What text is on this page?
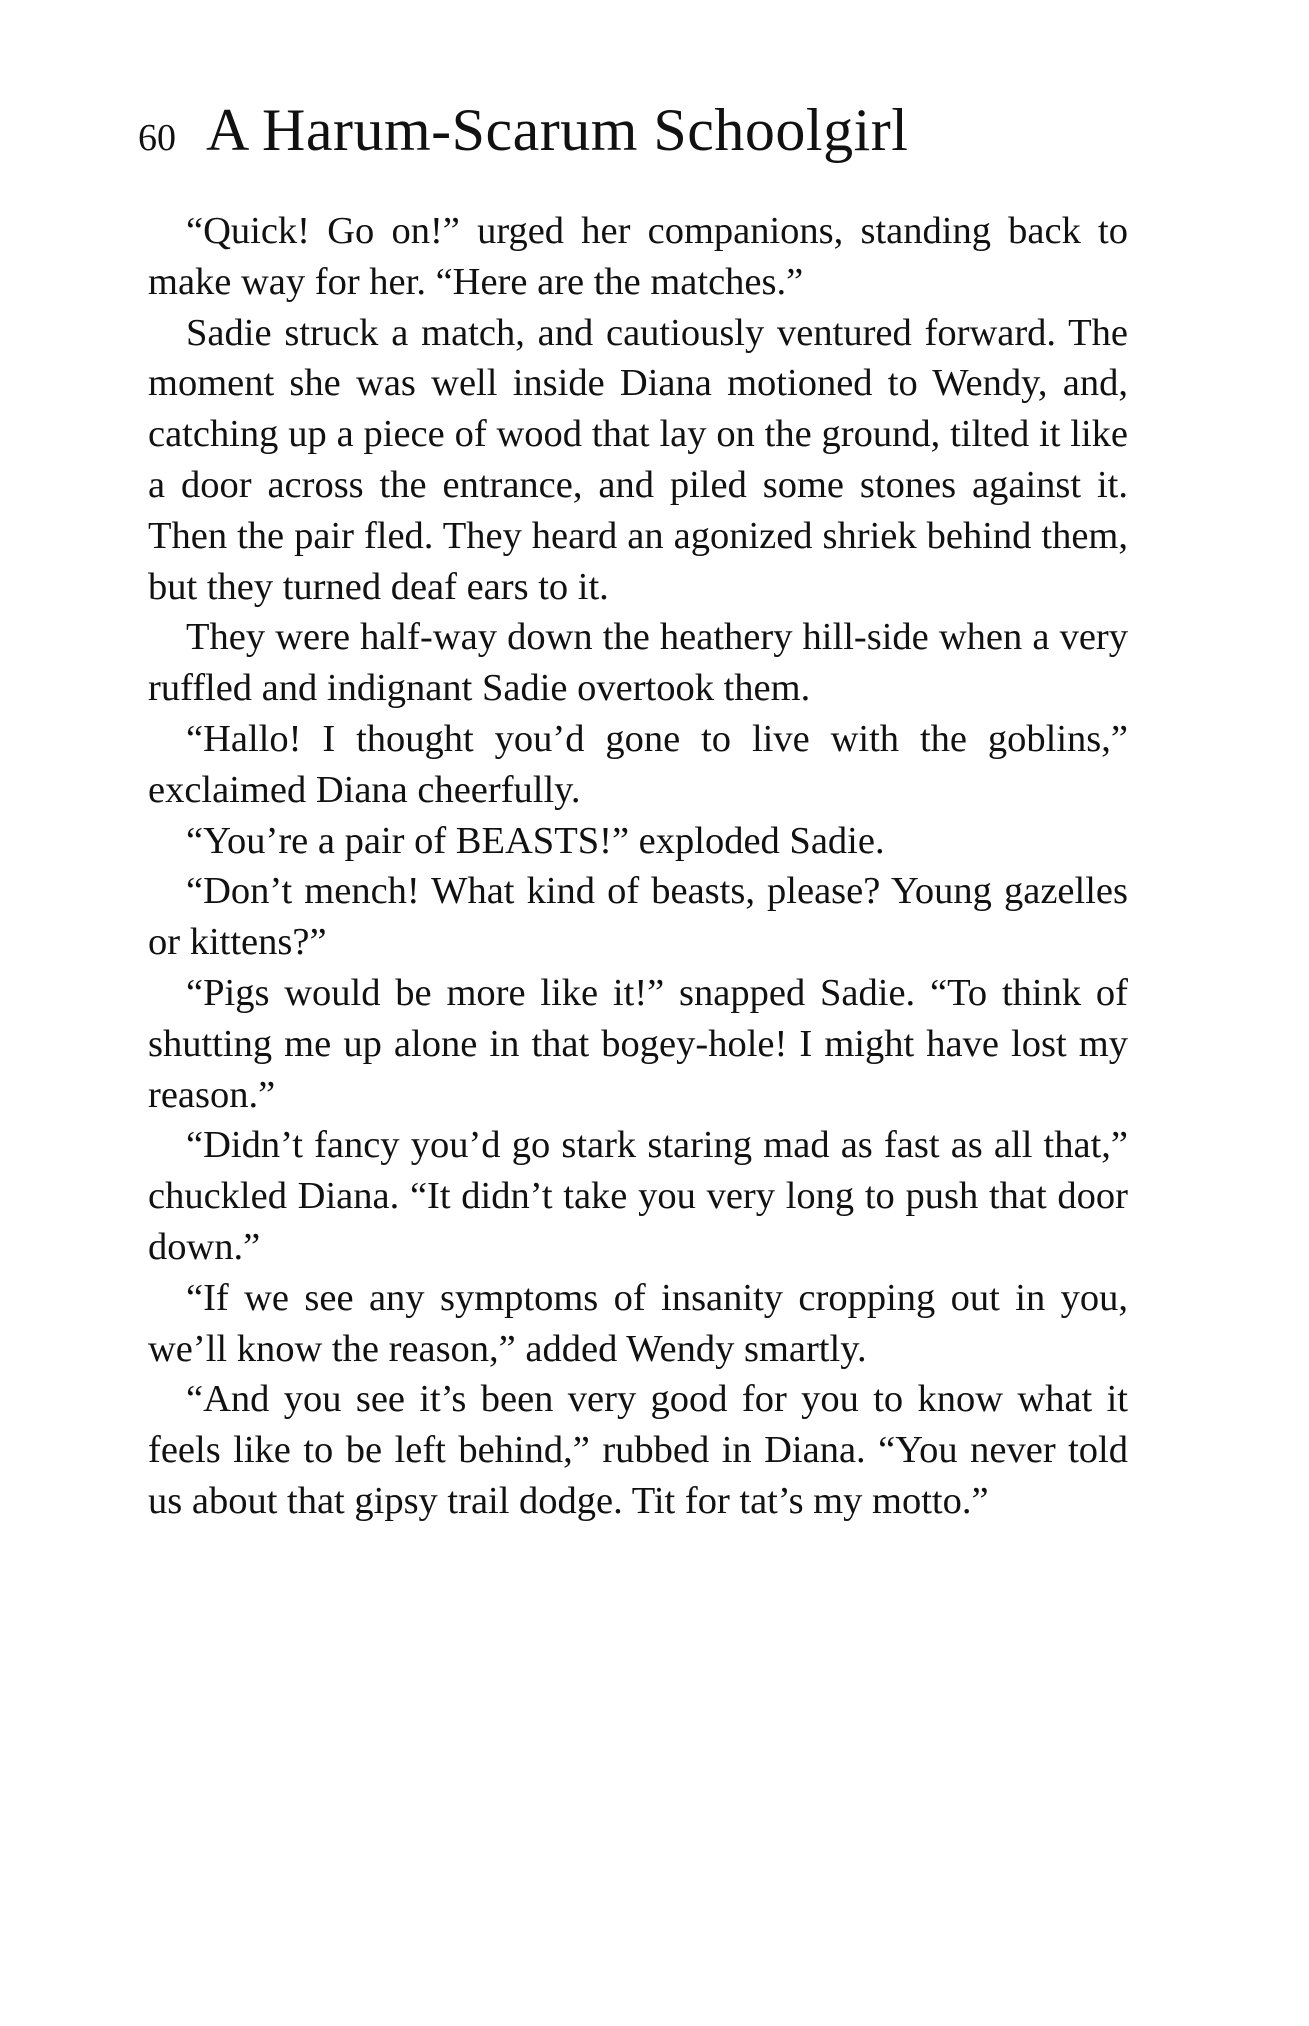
60 A Harum-Scarum Schoolgirl

“Quick! Go on!” urged her companions, standing back to make way for her. “Here are the matches.”

Sadie struck a match, and cautiously ventured forward. The moment she was well inside Diana motioned to Wendy, and, catching up a piece of wood that lay on the ground, tilted it like a door across the entrance, and piled some stones against it. Then the pair fled. They heard an agonized shriek behind them, but they turned deaf ears to it.

They were half-way down the heathery hill-side when a very ruffled and indignant Sadie overtook them.

“Hallo! I thought you’d gone to live with the goblins,” exclaimed Diana cheerfully.

“You’re a pair of BEASTS!” exploded Sadie.

“Don’t mench! What kind of beasts, please? Young gazelles or kittens?”

“Pigs would be more like it!” snapped Sadie. “To think of shutting me up alone in that bogey-hole! I might have lost my reason.”

“Didn’t fancy you’d go stark staring mad as fast as all that,” chuckled Diana. “It didn’t take you very long to push that door down.”

“If we see any symptoms of insanity cropping out in you, we’ll know the reason,” added Wendy smartly.

“And you see it’s been very good for you to know what it feels like to be left behind,” rubbed in Diana. “You never told us about that gipsy trail dodge. Tit for tat’s my motto.”
